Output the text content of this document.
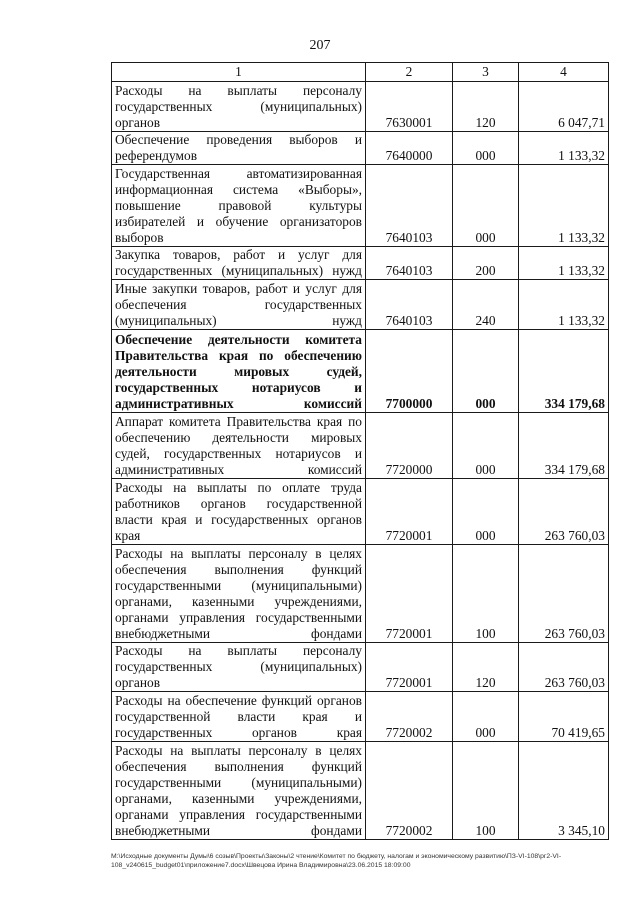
207
1	2	3	4
Расходы на выплаты персоналу государственных (муниципальных) органов	7630001	120	6 047,71
Обеспечение проведения выборов и референдумов	7640000	000	1 133,32
Государственная автоматизированная информационная система «Выборы», повышение правовой культуры избирателей и обучение организаторов выборов	7640103	000	1 133,32
Закупка товаров, работ и услуг для государственных (муниципальных) нужд	7640103	200	1 133,32
Иные закупки товаров, работ и услуг для обеспечения государственных (муниципальных) нужд	7640103	240	1 133,32
Обеспечение деятельности комитета Правительства края по обеспечению деятельности мировых судей, государственных нотариусов и административных комиссий	7700000	000	334 179,68
Аппарат комитета Правительства края по обеспечению деятельности мировых судей, государственных нотариусов и административных комиссий	7720000	000	334 179,68
Расходы на выплаты по оплате труда работников органов государственной власти края и государственных органов края	7720001	000	263 760,03
Расходы на выплаты персоналу в целях обеспечения выполнения функций государственными (муниципальными) органами, казенными учреждениями, органами управления государственными внебюджетными фондами	7720001	100	263 760,03
Расходы на выплаты персоналу государственных (муниципальных) органов	7720001	120	263 760,03
Расходы на обеспечение функций органов государственной власти края и государственных органов края	7720002	000	70 419,65
Расходы на выплаты персоналу в целях обеспечения выполнения функций государственными (муниципальными) органами, казенными учреждениями, органами управления государственными внебюджетными фондами	7720002	100	3 345,10
M:\Исходные документы Думы\6 созыв\Проекты\Законы\2 чтение\Комитет по бюджету, налогам и экономическому развитию\ПЗ-VI-108\рг2-VI-108_v240615_budget01\приложение7.docx\Швецова Ирина Владимировна\23.06.2015 18:09:00
